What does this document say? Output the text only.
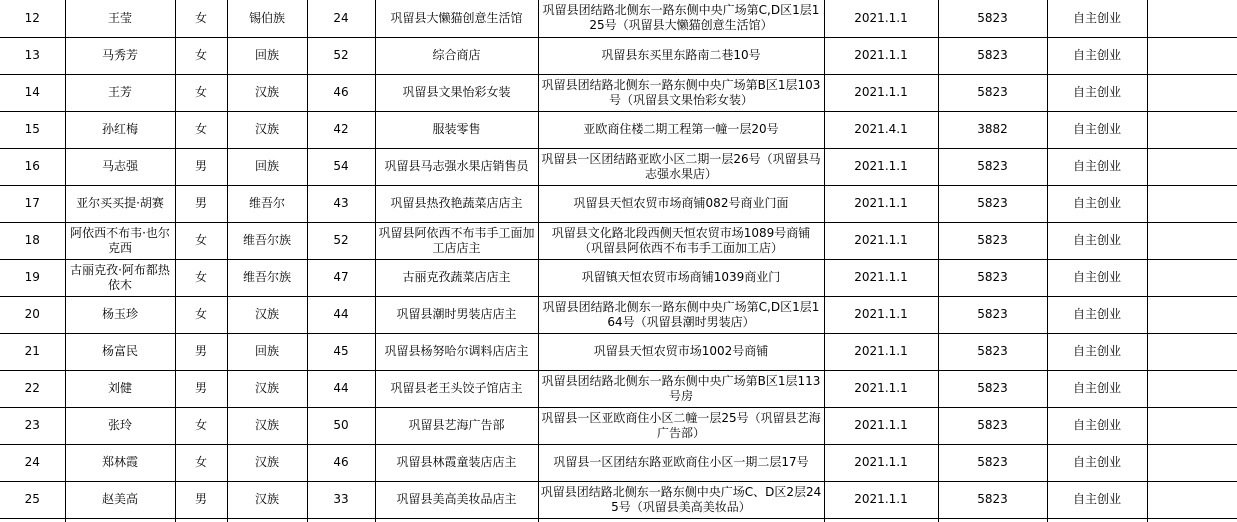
12	王莹	女	锡伯族	24	巩留县大懒猫创意生活馆	巩留县团结路北侧东一路东侧中央广场第C,D区1层125号（巩留县大懒猫创意生活馆）	2021.1.1	5823	自主创业	
13	马秀芳	女	回族	52	综合商店	巩留县东买里东路南二巷10号	2021.1.1	5823	自主创业	
14	王芳	女	汉族	46	巩留县文果怡彩女装	巩留县团结路北侧东一路东侧中央广场第B区1层103号（巩留县文果怡彩女装）	2021.1.1	5823	自主创业	
15	孙红梅	女	汉族	42	服装零售	亚欧商住楼二期工程第一幢一层20号	2021.4.1	3882	自主创业	
16	马志强	男	回族	54	巩留县马志强水果店销售员	巩留县一区团结路亚欧小区二期一层26号（巩留县马志强水果店）	2021.1.1	5823	自主创业	
17	亚尔买买提·胡赛	男	维吾尔	43	巩留县热孜艳蔬菜店店主	巩留县天恒农贸市场商铺082号商业门面	2021.1.1	5823	自主创业	
18	阿依西不布韦·也尔克西	女	维吾尔族	52	巩留县阿依西不布韦手工面加工店店主	巩留县文化路北段西侧天恒农贸市场1089号商铺（巩留县阿依西不布韦手工面加工店）	2021.1.1	5823	自主创业	
19	古丽克孜·阿布都热依木	女	维吾尔族	47	古丽克孜蔬菜店店主	巩留镇天恒农贸市场商铺1039商业门	2021.1.1	5823	自主创业	
20	杨玉珍	女	汉族	44	巩留县潮时男装店店主	巩留县团结路北侧东一路东侧中央广场第C,D区1层164号（巩留县潮时男装店）	2021.1.1	5823	自主创业	
21	杨富民	男	回族	45	巩留县杨努哈尔调料店店主	巩留县天恒农贸市场1002号商铺	2021.1.1	5823	自主创业	
22	刘健	男	汉族	44	巩留县老王头饺子馆店主	巩留县团结路北侧东一路东侧中央广场第B区1层113号房	2021.1.1	5823	自主创业	
23	张玲	女	汉族	50	巩留县艺海广告部	巩留县一区亚欧商住小区二幢一层25号（巩留县艺海广告部）	2021.1.1	5823	自主创业	
24	郑林霞	女	汉族	46	巩留县林霞童装店店主	巩留县一区团结东路亚欧商住小区一期二层17号	2021.1.1	5823	自主创业	
25	赵美高	男	汉族	33	巩留县美高美妆品店主	巩留县团结路北侧东一路东侧中央广场C、D区2层245号（巩留县美高美妆品）	2021.1.1	5823	自主创业	
